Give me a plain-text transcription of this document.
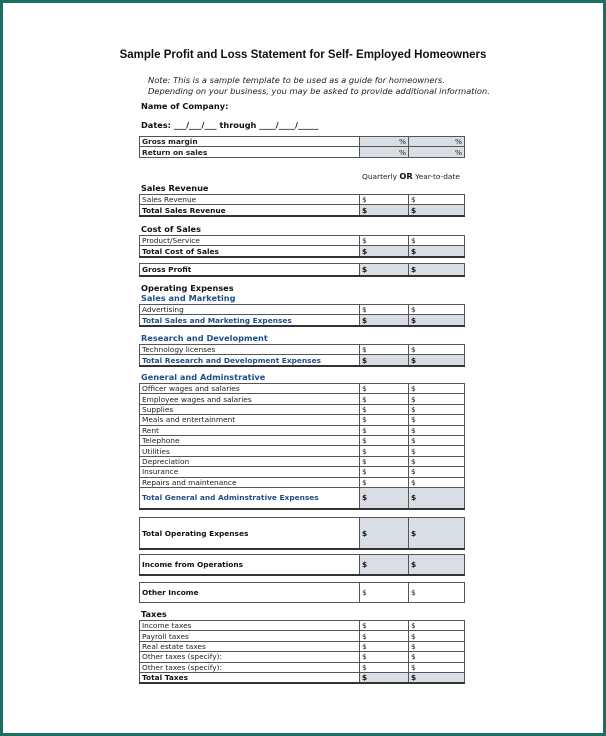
Sample Profit and Loss Statement for Self- Employed Homeowners
Note: This is a sample template to be used as a guide for homeowners.
Depending on your business, you may be asked to provide additional information.
Name of Company:
Dates: ___/___/___ through ____/____/_____
Gross margin	%	%
Return on sales	%	%
Quarterly OR Year-to-date
Sales Revenue
Sales Revenue	$	$
Total Sales Revenue	$	$
Cost of Sales
Product/Service	$	$
Total Cost of Sales	$	$
Gross Profit	$	$
Operating Expenses
Sales and Marketing
Advertising	$	$
Total Sales and Marketing Expenses	$	$
Research and Development
Technology licenses	$	$
Total Research and Development Expenses	$	$
General and Adminstrative
Officer wages and salaries	$	$
Employee wages and salaries	$	$
Supplies	$	$
Meals and entertainment	$	$
Rent	$	$
Telephone	$	$
Utilities	$	$
Depreciation	$	$
Insurance	$	$
Repairs and maintenance	$	$
Total General and Adminstrative Expenses	$	$
Total Operating Expenses	$	$
Income from Operations	$	$
Other Income	$	$
Taxes
Income taxes	$	$
Payroll taxes	$	$
Real estate taxes	$	$
Other taxes (specify):	$	$
Other taxes (specify):	$	$
Total Taxes	$	$
